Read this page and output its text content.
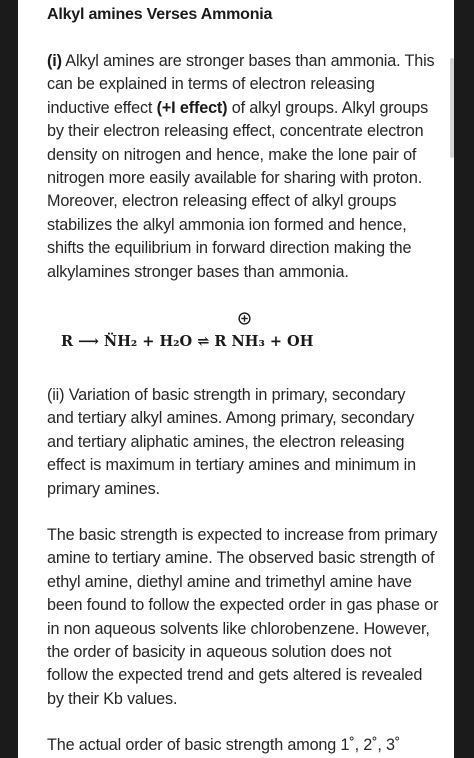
Alkyl amines Verses Ammonia
(i) Alkyl amines are stronger bases than ammonia. This
can be explained in terms of electron releasing
inductive effect (+I effect) of alkyl groups. Alkyl groups
by their electron releasing effect, concentrate electron
density on nitrogen and hence, make the lone pair of
nitrogen more easily available for sharing with proton.
Moreover, electron releasing effect of alkyl groups
stabilizes the alkyl ammonia ion formed and hence,
shifts the equilibrium in forward direction making the
alkylamines stronger bases than ammonia.
R ⟶ N̈H₂ + H₂O ⇌ R NH₃ + OH
(ii) Variation of basic strength in primary, secondary
and tertiary alkyl amines. Among primary, secondary
and tertiary aliphatic amines, the electron releasing
effect is maximum in tertiary amines and minimum in
primary amines.
The basic strength is expected to increase from primary
amine to tertiary amine. The observed basic strength of
ethyl amine, diethyl amine and trimethyl amine have
been found to follow the expected order in gas phase or
in non aqueous solvents like chlorobenzene. However,
the order of basicity in aqueous solution does not
follow the expected trend and gets altered is revealed
by their Kb values.
The actual order of basic strength among 1˚, 2˚, 3˚
